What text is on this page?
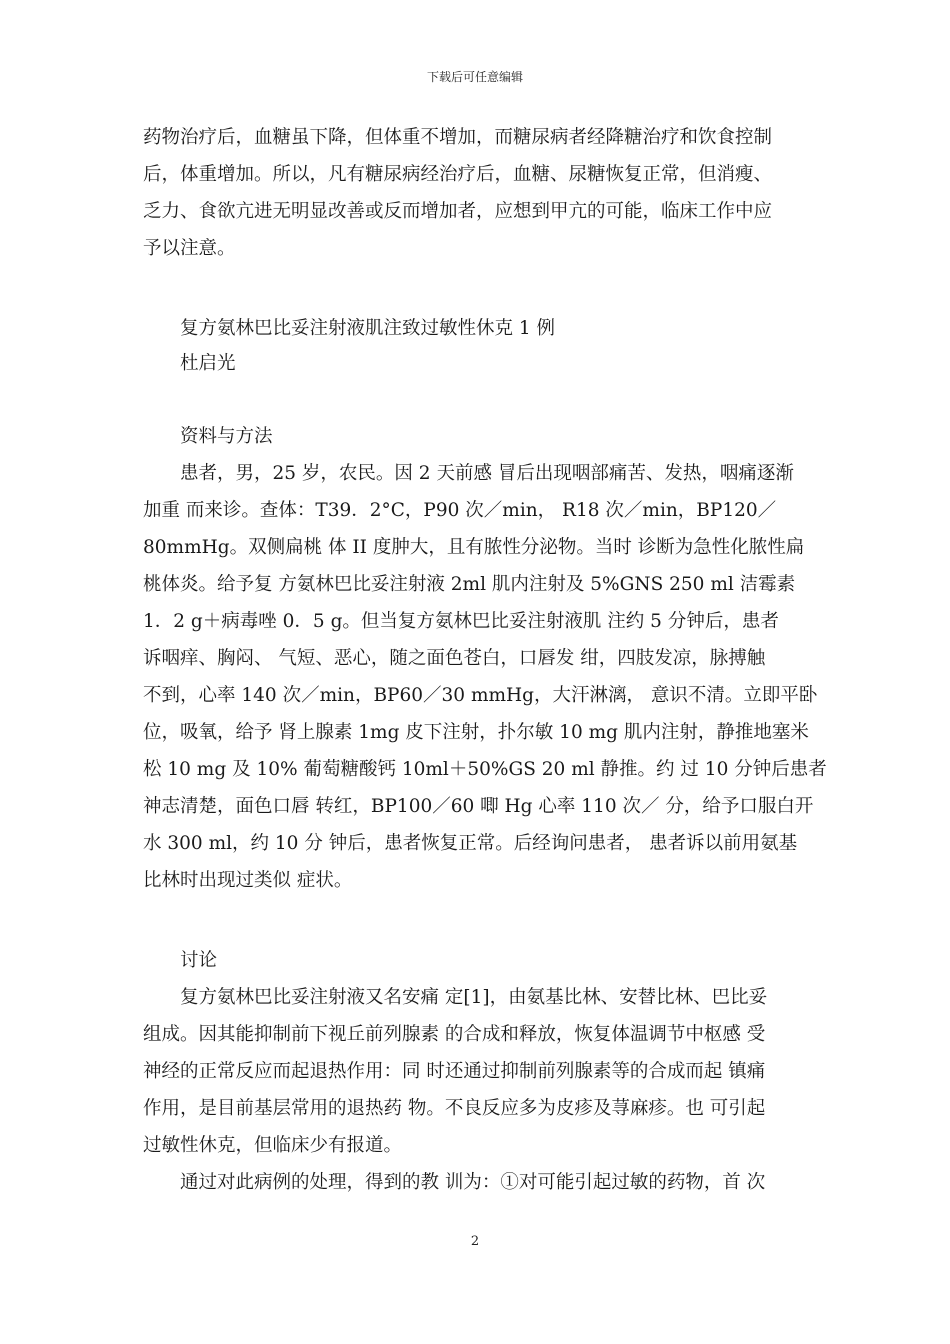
下载后可任意编辑
药物治疗后，血糖虽下降，但体重不增加，而糖尿病者经降糖治疗和饮食控制
后，体重增加。所以，凡有糖尿病经治疗后，血糖、尿糖恢复正常，但消瘦、
乏力、食欲亢进无明显改善或反而增加者，应想到甲亢的可能，临床工作中应
予以注意。
复方氨林巴比妥注射液肌注致过敏性休克 1 例
杜启光
资料与方法
患者，男，25 岁，农民。因 2 天前感 冒后出现咽部痛苦、发热，咽痛逐渐
加重 而来诊。查体：T39．2°C，P90 次／min， R18 次／min，BP120／
80mmHg。双侧扁桃 体 II 度肿大，且有脓性分泌物。当时 诊断为急性化脓性扁
桃体炎。给予复 方氨林巴比妥注射液 2ml 肌内注射及 5%GNS 250 ml 洁霉素
1．2 g＋病毒唑 0．5 g。但当复方氨林巴比妥注射液肌 注约 5 分钟后，患者
诉咽痒、胸闷、 气短、恶心，随之面色苍白，口唇发 绀，四肢发凉，脉搏触
不到，心率 140 次／min，BP60／30 mmHg，大汗淋漓， 意识不清。立即平卧
位，吸氧，给予 肾上腺素 1mg 皮下注射，扑尔敏 10 mg 肌内注射，静推地塞米
松 10 mg 及 10% 葡萄糖酸钙 10ml＋50%GS 20 ml 静推。约 过 10 分钟后患者
神志清楚，面色口唇 转红，BP100／60 唧 Hg 心率 110 次／ 分，给予口服白开
水 300 ml，约 10 分 钟后，患者恢复正常。后经询问患者， 患者诉以前用氨基
比林时出现过类似 症状。
讨论
复方氨林巴比妥注射液又名安痛 定[1]，由氨基比林、安替比林、巴比妥
组成。因其能抑制前下视丘前列腺素 的合成和释放，恢复体温调节中枢感 受
神经的正常反应而起退热作用：同 时还通过抑制前列腺素等的合成而起 镇痛
作用，是目前基层常用的退热药 物。不良反应多为皮疹及荨麻疹。也 可引起
过敏性休克，但临床少有报道。
通过对此病例的处理，得到的教 训为：①对可能引起过敏的药物，首 次
2
